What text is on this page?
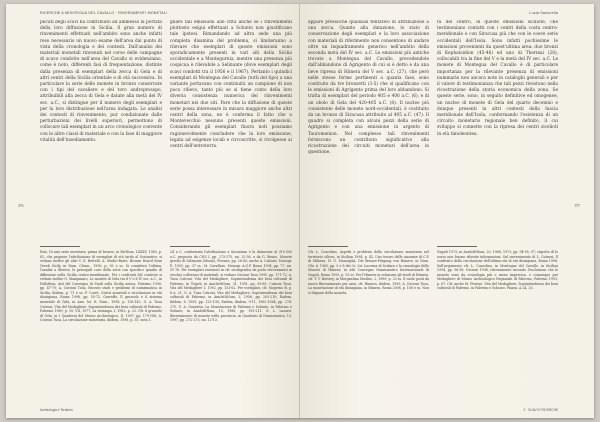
RICERCHE A MONTEGUA DEL CAVALLO · RINVENIMENTI MONETALI

plicati degli scavi ha contribuito ad ammesso la portata della loro diffusione in Sicilia. Il gran numero di rinvenimenti effettuati nell'ambito sono anche infatti reso necessario un nuovo esame dell'area dal punto di vista della cronologia e dei contesti. Dall'analisi dei materiali monetali rinvenuti nel corso delle campagne di scavo condotte nell'area del Cavallo si evidenziano, come è noto, differenti fasi di frequentazione, distinte dalla presenza di esemplari della zecca di Gela e di altri centri della Sicilia orientale e di età successiva. In particolare la serie delle monete in bronzo conservate con i tipi del cavaliere e del toro androprosopo, attribuibili alla zecca di Gela e datate alla metà del IV sec. a.C., si distingue per il numero degli esemplari e per la loro distribuzione nell'area indagata. Le analisi dei contesti di rinvenimento, pur condizionate dalle perturbazioni dei livelli superiori, permettono di collocare tali esemplari in un arco cronologico coerente con le altre classi di materiale e con la fase di maggiore vitalità dell'insediamento.

Ezio, Di una serie inventata: prima di bronzo, in RivNum, LXXXV, 1983, p. 81; che propone l'attribuzione di esemplari di età tarda al Sostantivo; si vedano inoltre gli altri V. E. Bettelli, A. Studio-Barto, Bronze Hoard from Greek Sicily, in Num. Chron., 1990, p. 95 e ss. Si considera l'ultima, l'analisi a diverse, le principali cose della serie con specifico quadro di diffusione nella Sicilia centro-meridionale. Per i confronti del contesto si vedano inoltre G. Manganaro, Le monete di Gela tra il V e il IV sec. a.C., in Pallottino, Atti del Convegno di Studi sulla Sicilia antica, Palermo 1996, pp. 47-70; A. Cutroni Tusa, Recenti studi e problemi di numismatica in Sicilia, ibidem, p. 71 e ss. F. Corrè, Centri monetali e circolazione in età dionigiana, Roma 1998, pp. 55-72. Garraffo, Il gruzzolo e il sistema monetale di Gela, in Ann. Ist. It. Num., 1998, p. 136-142. G. A. Tusa Cutroni, Vita del Medagliere, Soprintendenza dei beni culturali di Palermo, Palermo 1969; p. 10, VII, 1977, 2a ristampa, I, 1982, p. 23. Cfr. il gruzzolo di Gela, in I Quaderni del Museo Archeologico, II, 1997, pp. 179-188; A. Cutroni Tusa, La circolazione monetaria, ibidem, 1998, p. 35, nota 1.

gliare tali emissioni alle città anche se i rinvenimenti piuttosto esigui effettuati a Solunto non giustificano tale ipotesi. Rimandando ad altra sede una più completa disamina del problema, si limiteranno a rilevare che esemplari di queste emissioni sono sporadicamente presenti in vari siti della Sicilia occidentale e a Montegurnia, mentre una presenza più cospicua è rilevabile a Selinunte (dove esemplari degli scavi condotti tra il 1956 e il 1967). Pertanto i quindici esemplari di Montegua del Cavallo (tutti del tipo) a una variante portavano con continuità un campione di non poco rilievo, tanto più se si tiene conto della loro diversa consistenza numerica dei rinvenimenti monetari nei due siti. Pare che la diffusione di queste serie possa interessare in misura maggiore anche altri centri della zona, ne è conferma il fatto che a Montevecchio nessuno presenti queste emissioni. Considerando gli esemplari finora noti possiamo ragionevolmente concludere che la loro emissione, legata ad esigenze locali e circoscritte, si rivolgesse ai centri dell'entroterra.

24 a C. confermata l'attribuzione a Sacantum e la datazione al 310-300 a.C. proposta da CNS I, pp. 273-275, nn. 32-36, e da G. Bruno, Monete greche di Selinunte (Mozia), Firenze, pp. 26-43; anche A. Calciati, Monogr. P., 1991, pp. 37 ss.; M. Cavallaro, Monogr. A.G.P. Roma 1994, pp. 77, nn. 31-76. Per esemplari rinvenuti in cfr. stratigrafica da pochi ritrovamenti in vecchie collezioni di materiali, si vedano Cutroni Tusa 1995, pp. 171-72; A. Tusa Cutroni, Vita del Medagliere, Soprintendenza dei beni culturali di Palermo, in Tripoli, in AnnIstItNum, 31, 1991, pp. 59-65; Cutroni Tusa, Vita del Medagliere 1, 1992, pp. 153-62. Per esemplari, cfr. Mogerno B, p. 6 n. 21. G. A. Tusa Cutroni, Vita del Medagliere, Soprintendenza dei beni culturali di Palermo, in AnnIstItNum, 3, 1956, pp. 205-210; Eadem, ibidem, 6, 1959, pp. 125-138; Eadem, ibidem, 9-11, 1962-1964, pp. 274-275. G. A. Guzzetta, La Monetazione di Palermo e Solunto, in Palermo e Solunto, in AnnIstItNum, 15, 1988, pp. 195-211. G. L. Lazarri, Rinvenimento di monete nella provincia, in Quaderni di Numismatica, 13, 1997, pp. 272-275, nn. 12-13.

376
Archeologia e Territorio
Lucia Sarcinella

appare pressoché qualsiasi tentativo di attribuzione a una zecca. Quanto alla datazione, lo stato di conservazione degli esemplari e la loro associazione con materiali di riferimento non consentono di andare oltre un inquadramento generico nell'ambito della seconda metà del IV sec. a.C. Le emissioni più antiche trovate a Montegua del Cavallo, precedendole dall'abbandono di Agrigento di cui si è detto e da una lieve ripresa di Himera del V sec. a.C. (27), che però nelle stesse forme pertinenti a quanta fase, sono costituite da tre bronzetti (3-5) che si qualificano con le emissioni di Agrigento prima del loro abbandono. Si tratta di esemplari del periodo 405 e 406 a.C. (6), e di un obolo di Gela del 420-405 a.C. (8). Il nucleo più consistente delle monete nord-occidentali, è costituito da un bronzo di Siracusa attribuito al 405 a.C. (47). Il quadro si completa con alcuni pezzi della serie di Agrigento e con una emissione in argento di Tauromenion. Nel complesso tali rinvenimenti forniscono un contributo significativo alla ricostruzione dei circuiti monetari dell'area in questione.

Cfr. L. Cozzolino, Aspetti e problemi della circolazione monetaria nel territorio siliceo, in Sicilian 1994, p. 42. Uno tesoro delle anonime di C.P. di Milazzo; H. G. Mancaglia, Die Bronze-Prägung von Himera, in Num. Chr. 6, 1965, pp. 5 e 8 dei Cr. Ltr. Lucerna di Scalara e la cronologia delle Monete di Himera, in Atti Convegno Numismatico Internazionale di Napoli, Roma 1993, p. 93 ss. Per l'Himera in relazione gli studi di Himera, cfr. T. V. Buttrey, in Morgantina Studies, 2, 1989, p. 33 ss. Il ruolo posti da nuove Rinvenimento per area, cfr. Himera, ibidem, 1995; A. Cutroni Tusa, La monetazione di età dionigiana, in Himera, Roma 2008, p. 156 e ss. Non si dispone della moneta.

tu del centro, di queste emissioni siciliote, che testimoniano contatti con i centri della costa centro-meridionale e con Siracusa più che con le coeve serie occidentali dell'Isola. Sono infatti pochissime le emissioni provenienti da quest'ultima area: due bronzi di Kephaloidion (45-46) ed uno di Thermai (28), collocabili tra la fine del V e la metà del IV sec. a.C. Le monete di Montegua del Cavallo è di particolare importanza per la rilevante presenza di emissioni nummarie non ancora note in cataloghi generali e per il valore di testimonianza che tali pezzi rivestono nella ricostruzione della storia economica della zona. Se queste serie, sono, in seguito definitive ed omogenee, un nucleo di monete di Gela del quarto decennio e dunque presenti in altri contesti della fascia meridionale dell'Isola, confermando l'esistenza di un circuito monetario regionale ben definito, il cui sviluppo si connette con la ripresa dei centri sicelioti in età timoleontea.

Napoli 1973; in AnnIstItNum, 20, 1968, 1973, pp. 94-95, 97; rispetto di lo scavo non furono rilevate informazioni. Sul rinvenimento di L. Cutroni, Il confronto della circolazione dell'ultima età di età dionigiana, Roma 1998. Sull'argomento cfr. L. Cozzolino, in Montegua del Cavallo, in Sicilian 1994, pp. 56-58. Cutroni 1996, ritrovamento secondo l'esclusione che le monete sono da cronologia più o meno imprecisa, e comunque per Medagliere di Museo Archeologico Regionale di Palermo, Palermo 1993, p. 67. Cfr. anche M. Pistone, Vita del Medagliere, Soprintendenza dei beni culturali di Palermo, in Palermo e Solunto. Piazza, A 24, 33.

377
2 · SCAVI E RICERCHE
